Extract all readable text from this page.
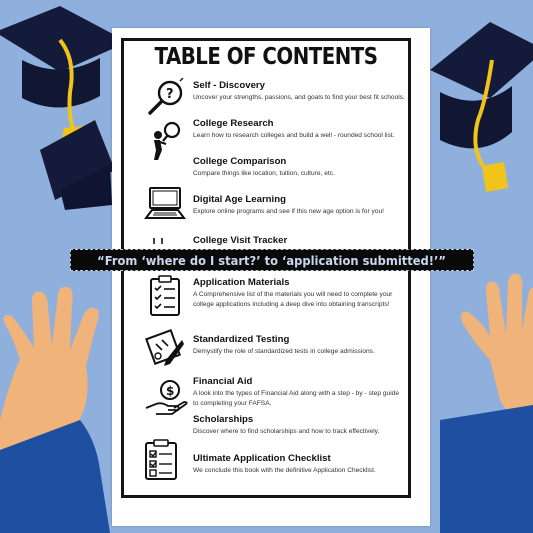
TABLE OF CONTENTS
?
$
Self - Discovery
Uncover your strengths, passions, and goals to find your best fit schools.
College Research
Learn how to research colleges and build a well - rounded school list.
College Comparison
Compare things like location, tuition, culture, etc.
Digital Age Learning
Explore online programs and see if this new age option is for you!
College Visit Tracker
Application Materials
A Comprehensive list of the materials you will need to complete your college applications including a deep dive into obtaining transcripts!
Standardized Testing
Demystify the role of standardized tests in college admissions.
Financial Aid
A look into the types of Financial Aid along with a step - by - step guide to completing your FAFSA.
Scholarships
Discover where to find scholarships and how to track effectively.
Ultimate Application Checklist
We conclude this book with the definitive Application Checklist.
“From ‘where do I start?’ to ‘application submitted!’”
